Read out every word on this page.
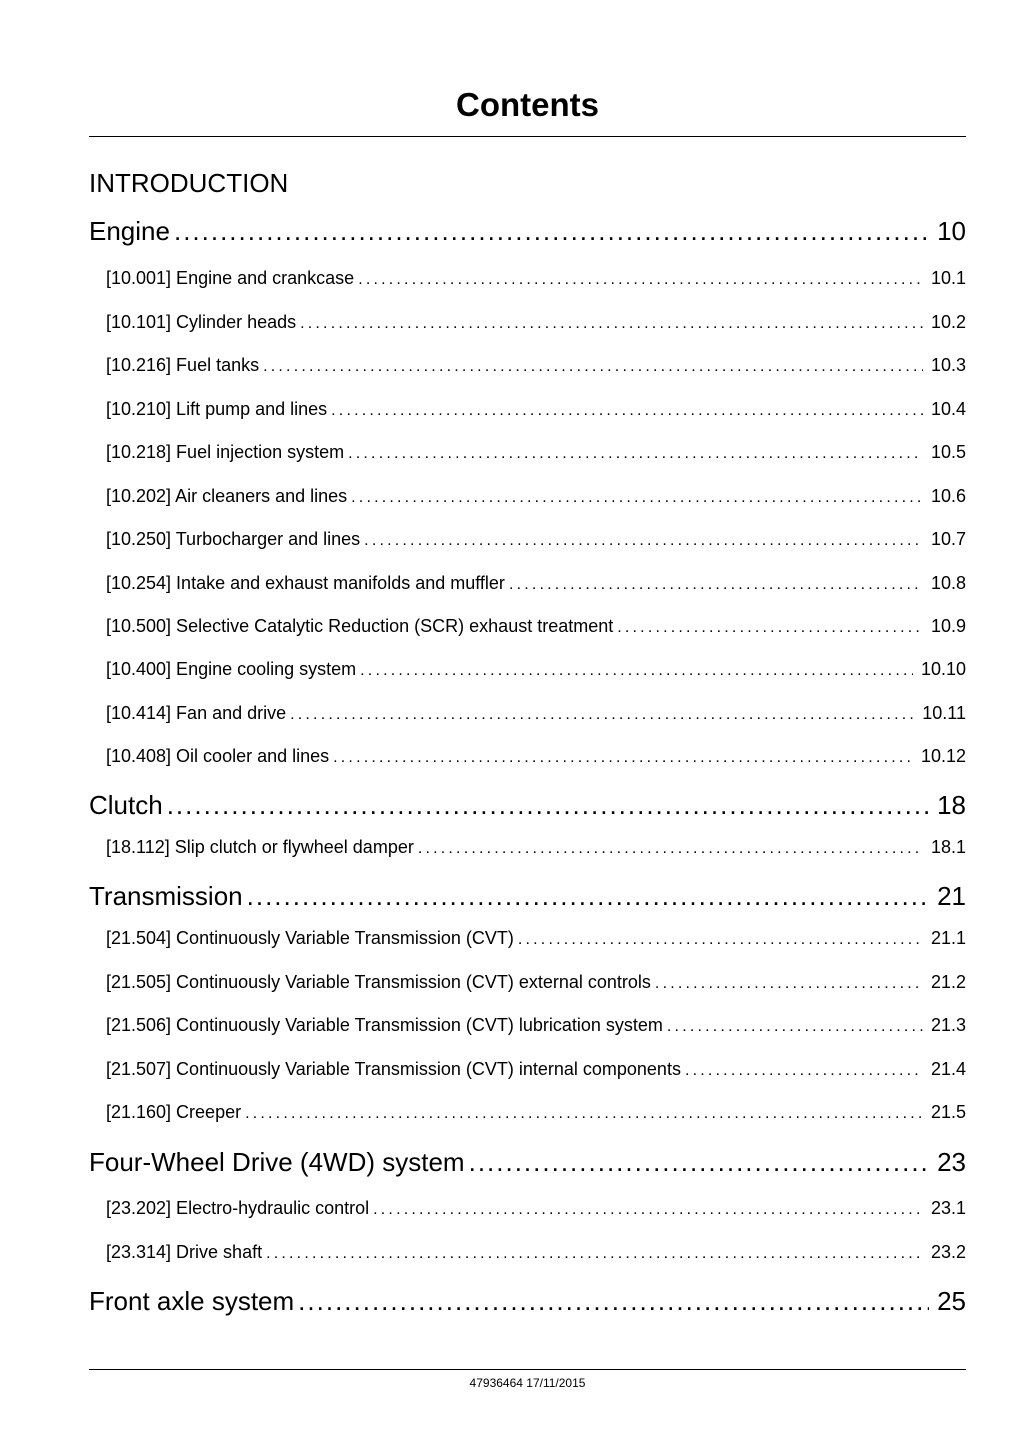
Contents
INTRODUCTION
Engine .....	10
[10.001] Engine and crankcase .....	10.1
[10.101] Cylinder heads .....	10.2
[10.216] Fuel tanks .....	10.3
[10.210] Lift pump and lines .....	10.4
[10.218] Fuel injection system .....	10.5
[10.202] Air cleaners and lines .....	10.6
[10.250] Turbocharger and lines .....	10.7
[10.254] Intake and exhaust manifolds and muffler .....	10.8
[10.500] Selective Catalytic Reduction (SCR) exhaust treatment .....	10.9
[10.400] Engine cooling system .....	10.10
[10.414] Fan and drive .....	10.11
[10.408] Oil cooler and lines .....	10.12
Clutch .....	18
[18.112] Slip clutch or flywheel damper .....	18.1
Transmission .....	21
[21.504] Continuously Variable Transmission (CVT) .....	21.1
[21.505] Continuously Variable Transmission (CVT) external controls .....	21.2
[21.506] Continuously Variable Transmission (CVT) lubrication system .....	21.3
[21.507] Continuously Variable Transmission (CVT) internal components .....	21.4
[21.160] Creeper .....	21.5
Four-Wheel Drive (4WD) system .....	23
[23.202] Electro-hydraulic control .....	23.1
[23.314] Drive shaft .....	23.2
Front axle system .....	25
47936464 17/11/2015
